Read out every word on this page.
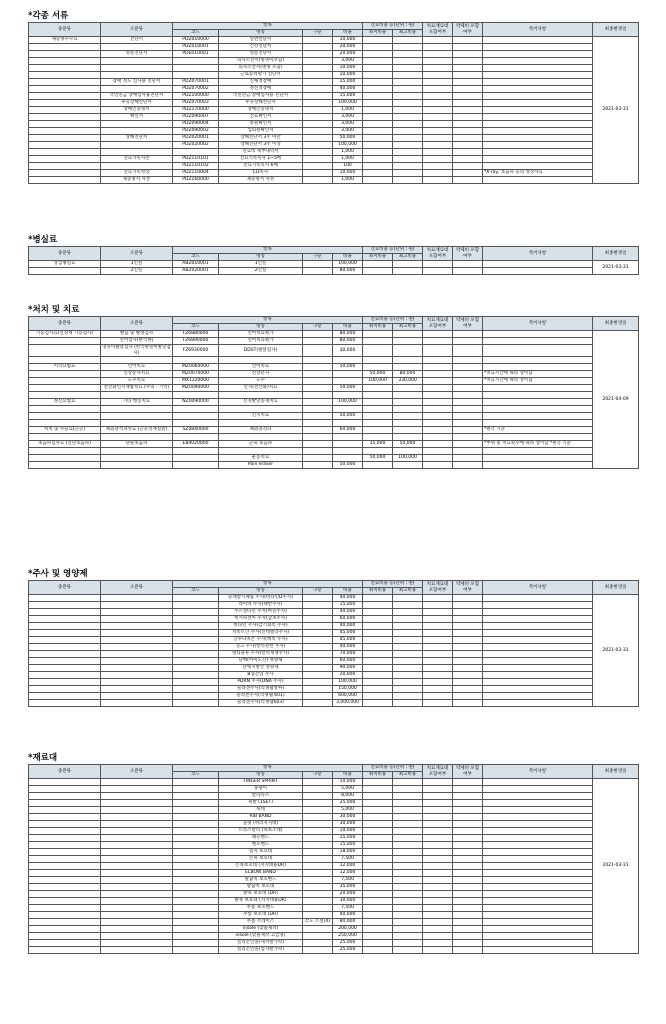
*각종 서류
중분류	소분류	항목				진료비용 등(단위 : 원)		치료재료대 포함여부	약제비 포함여부	특이사항	최종변경일
		코드	명칭	구분	비용	최저비용	최고비용				
제증명수수료	진단서	PDZ010000	일반진단서		10,000						2021-03-31
		PDZ010001	건강진단서		20,000						
	영문진단서	PDE010001	영문진단서		20,000						
			의사소견서(병명미포함)		3,000						
			의사소견서(병명 포함)		10,000						
			근로능력평가 진단서		10,000						
	장애 정도 심사용 진단서	PDZ070001	신체적장애		15,000						
		PDZ070002	정신적장애		40,000						
	국민연금 장애심사용진단서	PDZ100000	국민연금 장애심사용 진단서		15,000						
	후유장해진단서	PDZ070003	후유장해진단서		100,000						
	장애인증명서	PDZ170000	장애인증명서		1,000						
	확인서	PDZ090007	진료확인서		3,000						
		PDZ090004	통원확인서		3,000						
		PDZ090002	입퇴원확인서		3,000						
	상해진단서	PDZ020001	상해진단서 3주 미만		50,000						
		PDZ020002	상해진단서 3주 이상		100,000						
			진료비 세부내역서		1,000						
	진료기록사본	PDZ110101	진료기록복사 1~5매		1,000						
		PDZ110102	진료기록복사 6매		100						
	진료기록영상	PDZ110004	CD복사		10,000					*X-ray, 초음파 등의 영상자료	
	제증명서 사본	PDZ160000	제증명서 사본		1,000						
*병실료
중분류	소분류	항목				진료비용 등(단위 : 원)		치료재료대 포함여부	약제비 포함여부	특이사항	최종변경일
		코드	명칭	구분	비용	최저비용	최고비용				
상급병실료	1인실	ABZ010001	1인실		100,000						2021-03-31
	2인실	ABZ020001	2인실		80,000						
*처치 및 치료
중분류	소분류	항목				진료비용 등(단위 : 원)		치료재료대 포함여부	약제비 포함여부	특이사항	최종변경일
		코드	명칭	구분	비용	최저비용	최고비용				
기능검사료(신경계 기능검사)	발음 및 발성검사	FZ6880000	언어치료평가		80,000						2021-04-09
	언어검사(한국판)	FZ6890000	언어치료평가		80,000						
	영유아발달검사 (한국판덴버발달검사)	FZ6930000	DDST(발달검사)		30,000						

이학요법료	언어치료	MZ0060000	언어치료		50,000						
	신장분사치료	MZ0070000	신장분사			50,000	80,000			*치료시간에 따라 상이함	
	도수치료	MX1220000	도수			100,000	330,000			*치료시간에 따라 상이함	
	전산화인지재활치료 (주의 - 기억)	MZ0090000	인지(전산화)치료		50,000						

정신요법료	기타 행동치료	NZ0090000	신경발달증재치료		100,000						

			인지치료		50,000						

처치 및 수술료(근골)	체외충격파치료 (근골격계질환)	SZ0840000	체외충격파		60,000					*편측 기준	

초음파검사료 (진단초음파)	단순초음파	EB4020000	근육 초음파			15,000	50,000			*부위 및 치료횟수에 따라 상이함 *편측 기준	

			운동치료			50,000	100,000				
			Pain eraser		50,000						
*주사 및 영양제
중분류	소분류	항목				진료비용 등(단위 : 원)		치료재료대 포함여부	약제비 포함여부	특이사항	최종변경일
		코드	명칭	구분	비용	최저비용	최고비용				
			콜레칼시페롤 주사(비타민D주사)		40,000						2021-03-31
			라이넥 주사(태반주사)		15,000						
			푸르설타민 주사(마늘주사)		40,000						
			히시파겐씨 주사(감초주사)		60,000						
			비타민 주사(감기회복 주사)		40,000						
			치옥트산 주사(신데렐라주사)		45,000						
			글루타치온 주사(백옥 주사)		45,000						
			징크 주사(항역관련 주사)		40,000						
			멀티블루 주사(면역재생주사)		70,000						
			단백(아미노산) 영양제		60,000						
			단백지방산 영양제		90,000						
			B형간염 주사		20,000						
			PDRN 주사(DNA 주사)		100,000						
			콜라겐주사(리쟁웰얼싸)		150,000						
			콜라겐주사(리쟁웰 601)		600,000						
			콜라겐주사(리쟁웰603)		3,000,000						
*재료대
중분류	소분류	항목				진료비용 등(단위 : 원)		치료재료대 포함여부	약제비 포함여부	특이사항	최종변경일
		코드	명칭	구분	비용	최저비용	최고비용				
			FINGER SPRINT		10,000						2021-03-31
			붕광이		5,000						
			칼라슈즈		8,000						
			목발 (1SET)		25,000						
			목대		5,000						
			RIB BAND		30,000						
			올렛 (허리지지대)		30,000						
			트라스칼라 (목보조대)		10,000						
			쇄골밴드		15,000						
			벨포밴드		15,000						
			엄지 보호대		18,000						
			손목 보호대		7,500						
			손목보호대 (지지대용DR)		12,000						
			ELBOW BAND		12,000						
			팔꿈치 보호밴드		7,500						
			팔꿈치 보호대		35,000						
			발목 보호대 (DR)		20,000						
			발목 보호대 (지지대용DR)		30,000						
			무릎 보호밴드		7,500						
			무릎 보호대 (DR)		40,000						
			무릎 브레이스	각도 조절(X)	80,000						
			insole (맞춤제작)		200,000						
			insole (맞춤제작 고급형)		250,000						
			실리콘인솔(새끼발가락)		25,000						
			실리콘인솔(엄지발가락)		25,000						
